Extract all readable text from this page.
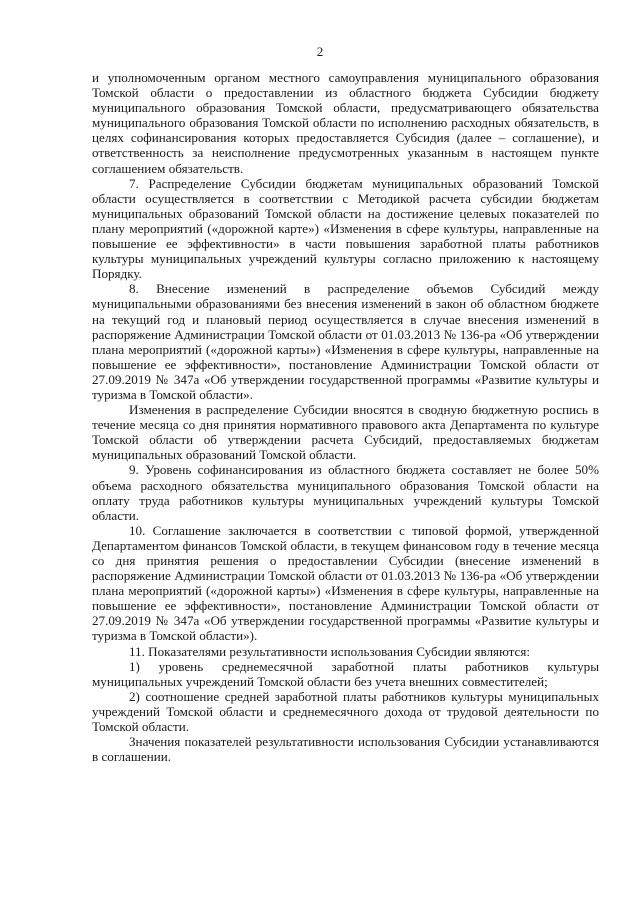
2

и уполномоченным органом местного самоуправления муниципального образования Томской области о предоставлении из областного бюджета Субсидии бюджету муниципального образования Томской области, предусматривающего обязательства муниципального образования Томской области по исполнению расходных обязательств, в целях софинансирования которых предоставляется Субсидия (далее – соглашение), и ответственность за неисполнение предусмотренных указанным в настоящем пункте соглашением обязательств.

7. Распределение Субсидии бюджетам муниципальных образований Томской области осуществляется в соответствии с Методикой расчета субсидии бюджетам муниципальных образований Томской области на достижение целевых показателей по плану мероприятий («дорожной карте») «Изменения в сфере культуры, направленные на повышение ее эффективности» в части повышения заработной платы работников культуры муниципальных учреждений культуры согласно приложению к настоящему Порядку.

8. Внесение изменений в распределение объемов Субсидий между муниципальными образованиями без внесения изменений в закон об областном бюджете на текущий год и плановый период осуществляется в случае внесения изменений в распоряжение Администрации Томской области от 01.03.2013 № 136-ра «Об утверждении плана мероприятий («дорожной карты») «Изменения в сфере культуры, направленные на повышение ее эффективности», постановление Администрации Томской области от 27.09.2019 № 347а «Об утверждении государственной программы «Развитие культуры и туризма в Томской области».

Изменения в распределение Субсидии вносятся в сводную бюджетную роспись в течение месяца со дня принятия нормативного правового акта Департамента по культуре Томской области об утверждении расчета Субсидий, предоставляемых бюджетам муниципальных образований Томской области.

9. Уровень софинансирования из областного бюджета составляет не более 50% объема расходного обязательства муниципального образования Томской области на оплату труда работников культуры муниципальных учреждений культуры Томской области.

10. Соглашение заключается в соответствии с типовой формой, утвержденной Департаментом финансов Томской области, в текущем финансовом году в течение месяца со дня принятия решения о предоставлении Субсидии (внесение изменений в распоряжение Администрации Томской области от 01.03.2013 № 136-ра «Об утверждении плана мероприятий («дорожной карты») «Изменения в сфере культуры, направленные на повышение ее эффективности», постановление Администрации Томской области от 27.09.2019 № 347а «Об утверждении государственной программы «Развитие культуры и туризма в Томской области»).

11. Показателями результативности использования Субсидии являются:

1) уровень среднемесячной заработной платы работников культуры муниципальных учреждений Томской области без учета внешних совместителей;

2) соотношение средней заработной платы работников культуры муниципальных учреждений Томской области и среднемесячного дохода от трудовой деятельности по Томской области.

Значения показателей результативности использования Субсидии устанавливаются в соглашении.
